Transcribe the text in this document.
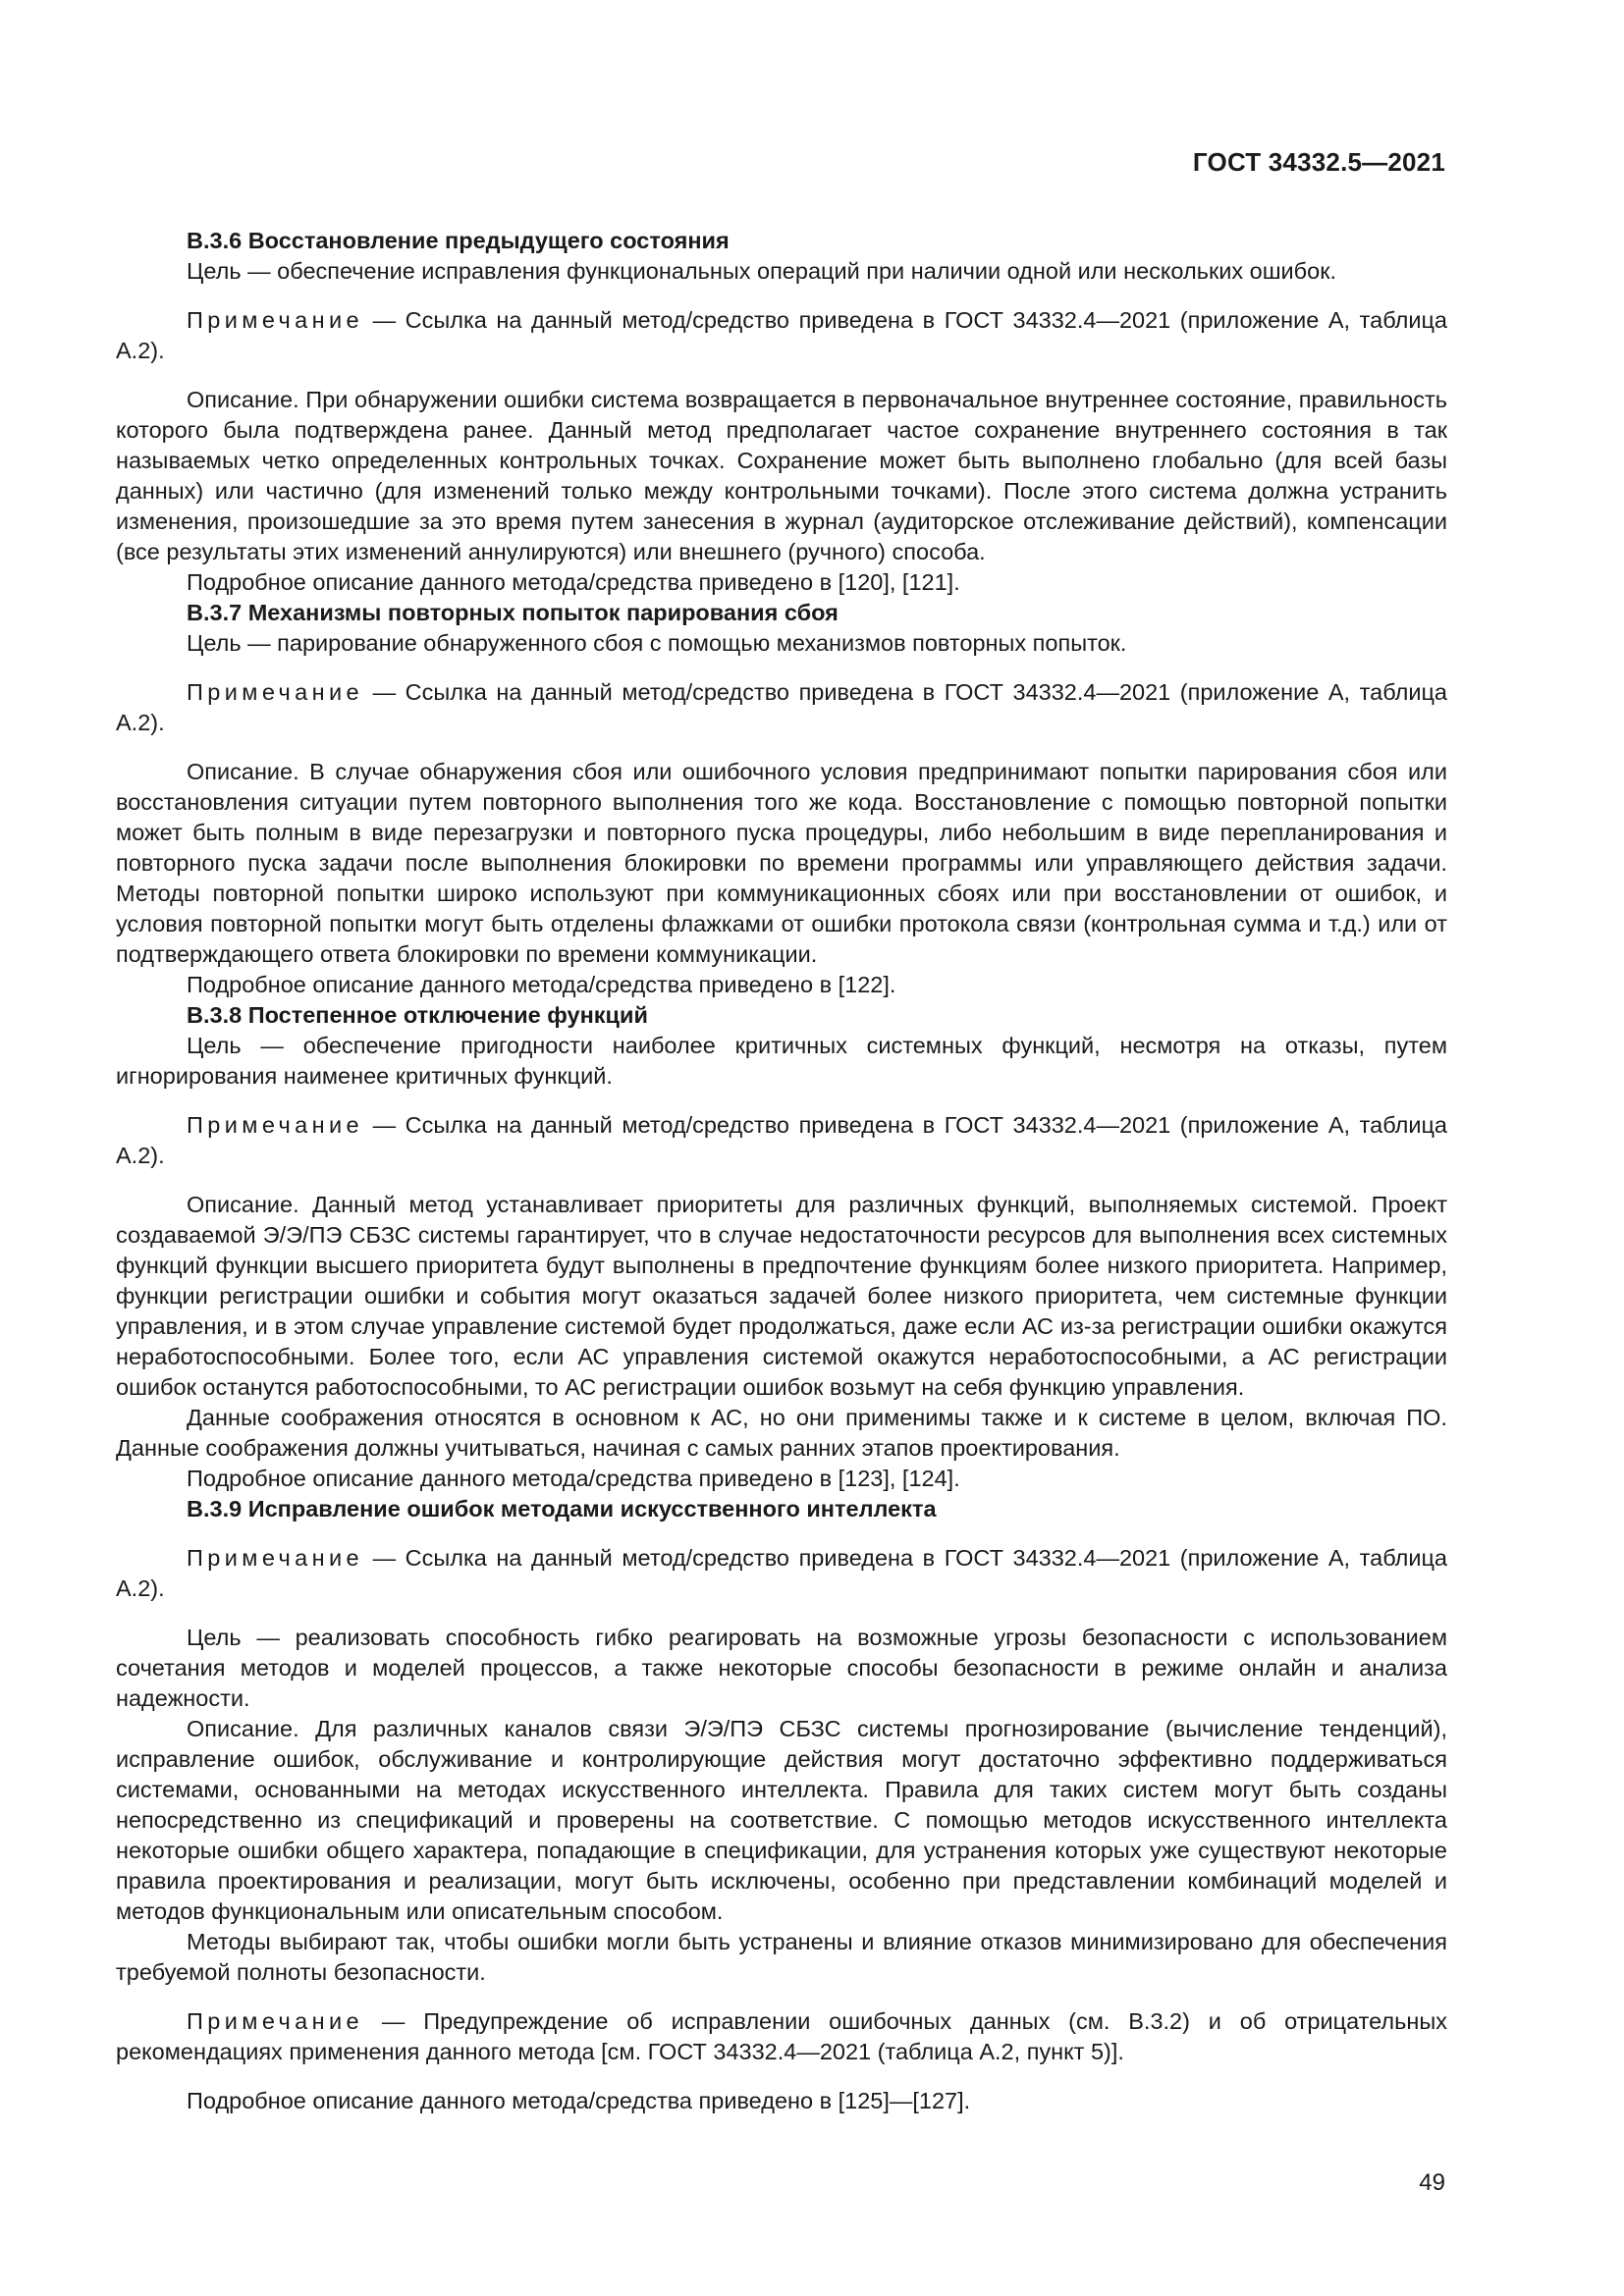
ГОСТ 34332.5—2021

В.3.6 Восстановление предыдущего состояния

Цель — обеспечение исправления функциональных операций при наличии одной или нескольких ошибок.

Примечание — Ссылка на данный метод/средство приведена в ГОСТ 34332.4—2021 (приложение А, таблица А.2).

Описание. При обнаружении ошибки система возвращается в первоначальное внутреннее состояние, правильность которого была подтверждена ранее. Данный метод предполагает частое сохранение внутреннего состояния в так называемых четко определенных контрольных точках. Сохранение может быть выполнено глобально (для всей базы данных) или частично (для изменений только между контрольными точками). После этого система должна устранить изменения, произошедшие за это время путем занесения в журнал (аудиторское отслеживание действий), компенсации (все результаты этих изменений аннулируются) или внешнего (ручного) способа.

Подробное описание данного метода/средства приведено в [120], [121].

В.3.7 Механизмы повторных попыток парирования сбоя

Цель — парирование обнаруженного сбоя с помощью механизмов повторных попыток.

Примечание — Ссылка на данный метод/средство приведена в ГОСТ 34332.4—2021 (приложение А, таблица А.2).

Описание. В случае обнаружения сбоя или ошибочного условия предпринимают попытки парирования сбоя или восстановления ситуации путем повторного выполнения того же кода. Восстановление с помощью повторной попытки может быть полным в виде перезагрузки и повторного пуска процедуры, либо небольшим в виде перепланирования и повторного пуска задачи после выполнения блокировки по времени программы или управляющего действия задачи. Методы повторной попытки широко используют при коммуникационных сбоях или при восстановлении от ошибок, и условия повторной попытки могут быть отделены флажками от ошибки протокола связи (контрольная сумма и т.д.) или от подтверждающего ответа блокировки по времени коммуникации.

Подробное описание данного метода/средства приведено в [122].

В.3.8 Постепенное отключение функций

Цель — обеспечение пригодности наиболее критичных системных функций, несмотря на отказы, путем игнорирования наименее критичных функций.

Примечание — Ссылка на данный метод/средство приведена в ГОСТ 34332.4—2021 (приложение А, таблица А.2).

Описание. Данный метод устанавливает приоритеты для различных функций, выполняемых системой. Проект создаваемой Э/Э/ПЭ СБЗС системы гарантирует, что в случае недостаточности ресурсов для выполнения всех системных функций функции высшего приоритета будут выполнены в предпочтение функциям более низкого приоритета. Например, функции регистрации ошибки и события могут оказаться задачей более низкого приоритета, чем системные функции управления, и в этом случае управление системой будет продолжаться, даже если АС из-за регистрации ошибки окажутся неработоспособными. Более того, если АС управления системой окажутся неработоспособными, а АС регистрации ошибок останутся работоспособными, то АС регистрации ошибок возьмут на себя функцию управления.

Данные соображения относятся в основном к АС, но они применимы также и к системе в целом, включая ПО. Данные соображения должны учитываться, начиная с самых ранних этапов проектирования.

Подробное описание данного метода/средства приведено в [123], [124].

В.3.9 Исправление ошибок методами искусственного интеллекта

Примечание — Ссылка на данный метод/средство приведена в ГОСТ 34332.4—2021 (приложение А, таблица А.2).

Цель — реализовать способность гибко реагировать на возможные угрозы безопасности с использованием сочетания методов и моделей процессов, а также некоторые способы безопасности в режиме онлайн и анализа надежности.

Описание. Для различных каналов связи Э/Э/ПЭ СБЗС системы прогнозирование (вычисление тенденций), исправление ошибок, обслуживание и контролирующие действия могут достаточно эффективно поддерживаться системами, основанными на методах искусственного интеллекта. Правила для таких систем могут быть созданы непосредственно из спецификаций и проверены на соответствие. С помощью методов искусственного интеллекта некоторые ошибки общего характера, попадающие в спецификации, для устранения которых уже существуют некоторые правила проектирования и реализации, могут быть исключены, особенно при представлении комбинаций моделей и методов функциональным или описательным способом.

Методы выбирают так, чтобы ошибки могли быть устранены и влияние отказов минимизировано для обеспечения требуемой полноты безопасности.

Примечание — Предупреждение об исправлении ошибочных данных (см. В.3.2) и об отрицательных рекомендациях применения данного метода [см. ГОСТ 34332.4—2021 (таблица А.2, пункт 5)].

Подробное описание данного метода/средства приведено в [125]—[127].

49
